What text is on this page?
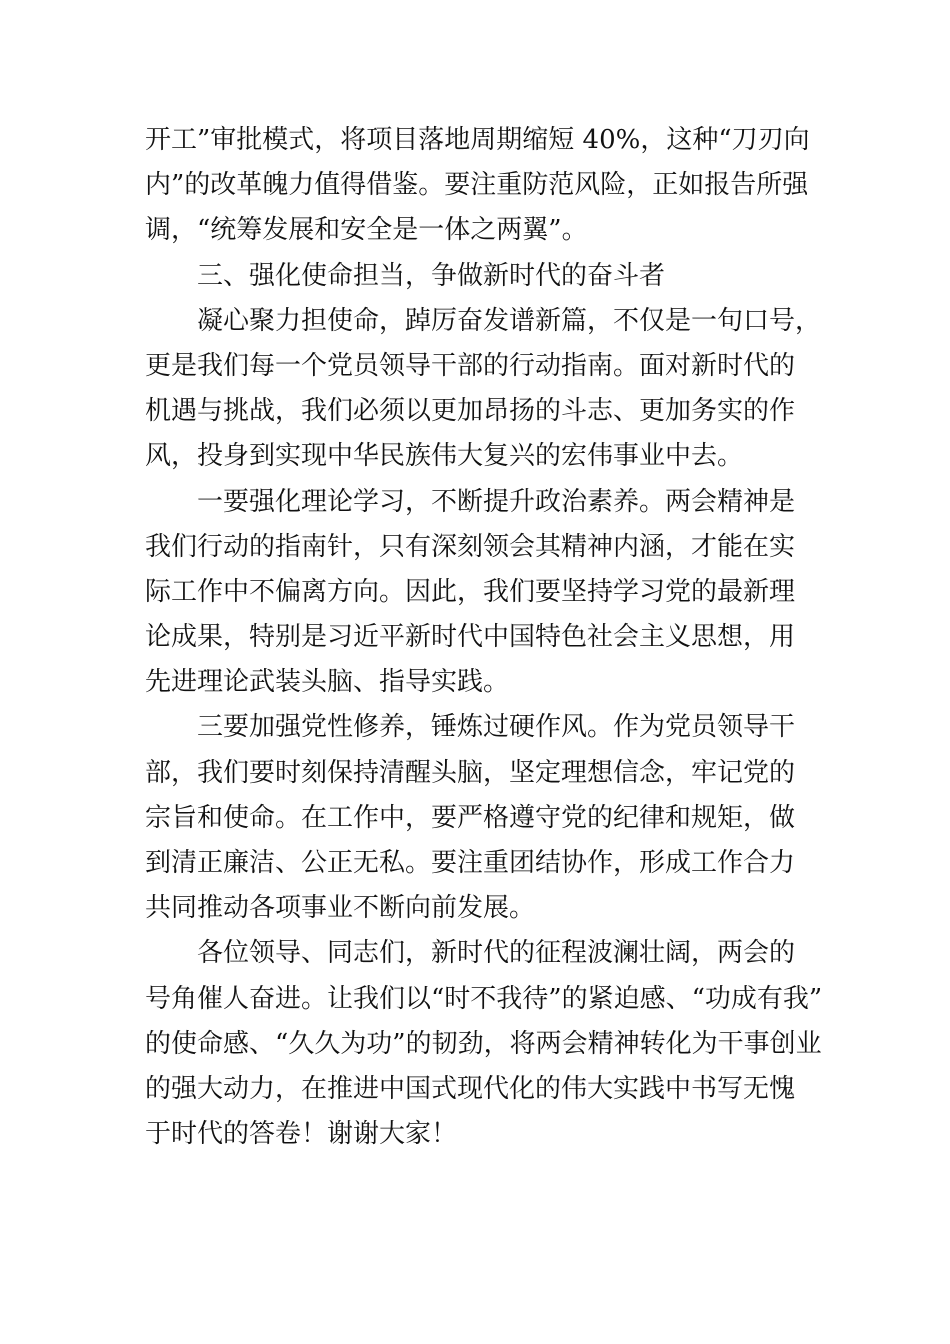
开工”审批模式，将项目落地周期缩短 40%，这种“刀刃向
内”的改革魄力值得借鉴。要注重防范风险，正如报告所强
调，“统筹发展和安全是一体之两翼”。
三、强化使命担当，争做新时代的奋斗者
凝心聚力担使命，踔厉奋发谱新篇，不仅是一句口号，
更是我们每一个党员领导干部的行动指南。面对新时代的
机遇与挑战，我们必须以更加昂扬的斗志、更加务实的作
风，投身到实现中华民族伟大复兴的宏伟事业中去。
一要强化理论学习，不断提升政治素养。两会精神是
我们行动的指南针，只有深刻领会其精神内涵，才能在实
际工作中不偏离方向。因此，我们要坚持学习党的最新理
论成果，特别是习近平新时代中国特色社会主义思想，用
先进理论武装头脑、指导实践。
三要加强党性修养，锤炼过硬作风。作为党员领导干
部，我们要时刻保持清醒头脑，坚定理想信念，牢记党的
宗旨和使命。在工作中，要严格遵守党的纪律和规矩，做
到清正廉洁、公正无私。要注重团结协作，形成工作合力
共同推动各项事业不断向前发展。
各位领导、同志们，新时代的征程波澜壮阔，两会的
号角催人奋进。让我们以“时不我待”的紧迫感、“功成有我”
的使命感、“久久为功”的韧劲，将两会精神转化为干事创业
的强大动力，在推进中国式现代化的伟大实践中书写无愧
于时代的答卷！谢谢大家！
